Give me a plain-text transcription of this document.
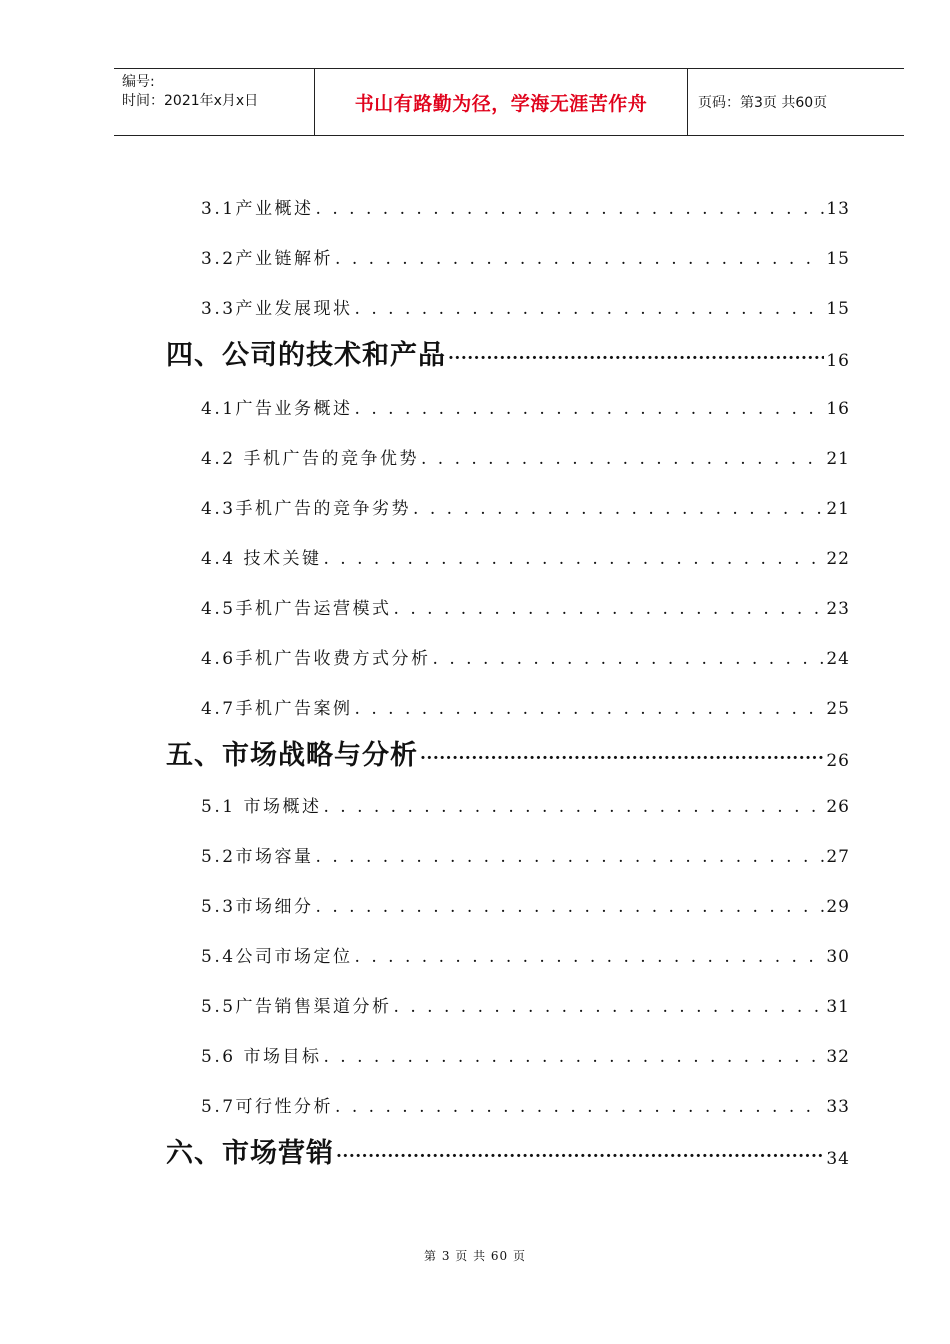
编号:
时间：2021年x月x日	书山有路勤为径，学海无涯苦作舟	页码：第3页 共60页
3.1产业概述 . . .	13
3.2产业链解析 . . .	15
3.3产业发展现状 . . .	15
四、公司的技术和产品 .....	16
4.1广告业务概述 . . .	16
4.2 手机广告的竞争优势 . . .	21
4.3手机广告的竞争劣势 . . .	21
4.4 技术关键 . . .	22
4.5手机广告运营模式 . . .	23
4.6手机广告收费方式分析 . . .	24
4.7手机广告案例 . . .	25
五、市场战略与分析 .....	26
5.1 市场概述 . . .	26
5.2市场容量 . . .	27
5.3市场细分 . . .	29
5.4公司市场定位 . . .	30
5.5广告销售渠道分析 . . .	31
5.6 市场目标 . . .	32
5.7可行性分析 . . .	33
六、市场营销 .....	34
第 3 页 共 60 页
